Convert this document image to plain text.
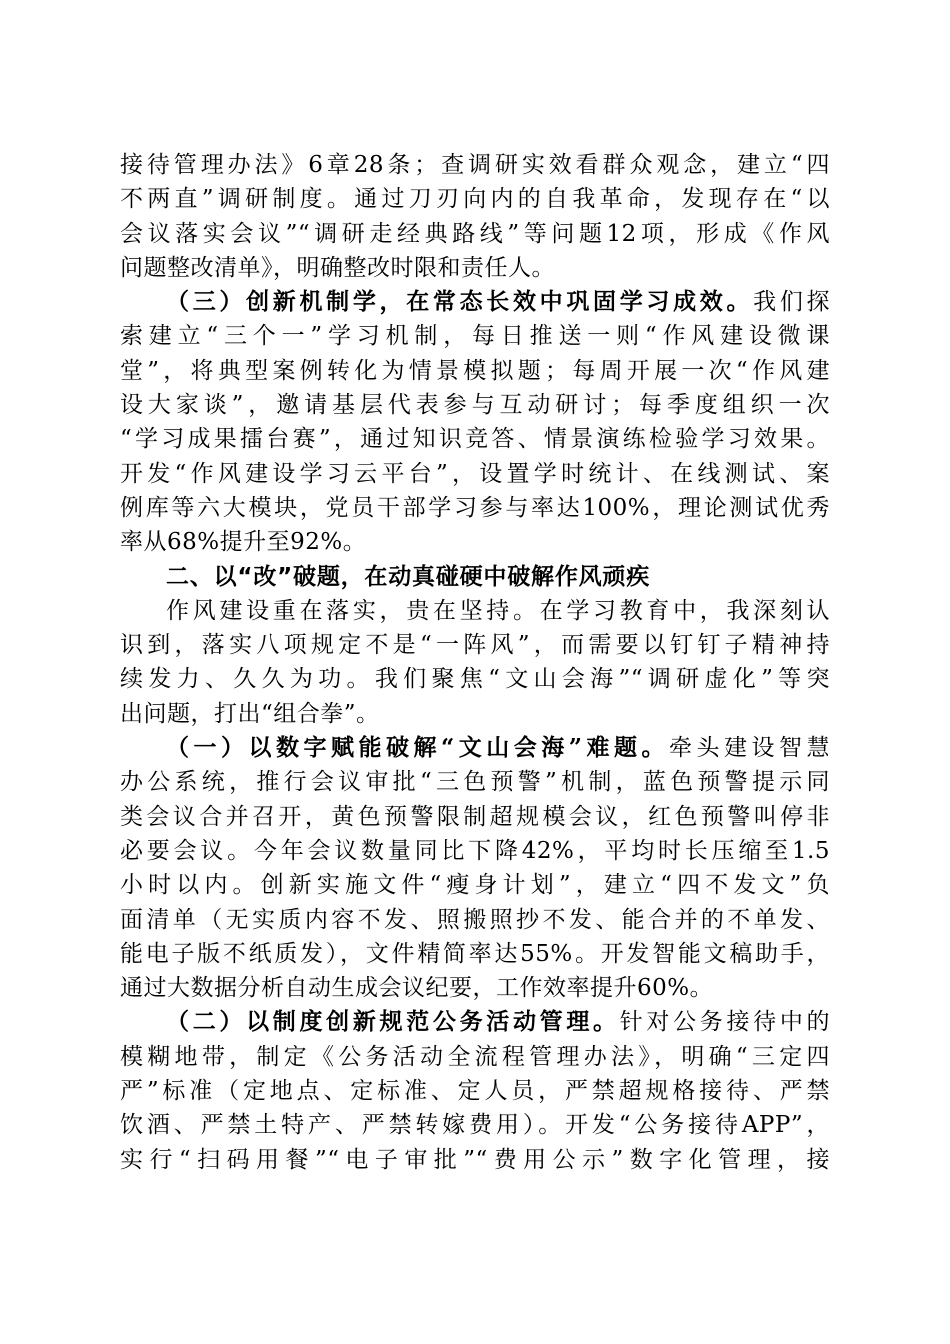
接待管理办法》6章28条；查调研实效看群众观念，建立“四
不两直”调研制度。通过刀刃向内的自我革命，发现存在“以
会议落实会议”“调研走经典路线”等问题12项，形成《作风
问题整改清单》，明确整改时限和责任人。
（三）创新机制学，在常态长效中巩固学习成效。我们探
索建立“三个一”学习机制，每日推送一则“作风建设微课
堂”，将典型案例转化为情景模拟题；每周开展一次“作风建
设大家谈”，邀请基层代表参与互动研讨；每季度组织一次
“学习成果擂台赛”，通过知识竞答、情景演练检验学习效果。
开发“作风建设学习云平台”，设置学时统计、在线测试、案
例库等六大模块，党员干部学习参与率达100%，理论测试优秀
率从68%提升至92%。
二、以“改”破题，在动真碰硬中破解作风顽疾
作风建设重在落实，贵在坚持。在学习教育中，我深刻认
识到，落实八项规定不是“一阵风”，而需要以钉钉子精神持
续发力、久久为功。我们聚焦“文山会海”“调研虚化”等突
出问题，打出“组合拳”。
（一）以数字赋能破解“文山会海”难题。牵头建设智慧
办公系统，推行会议审批“三色预警”机制，蓝色预警提示同
类会议合并召开，黄色预警限制超规模会议，红色预警叫停非
必要会议。今年会议数量同比下降42%，平均时长压缩至1.5
小时以内。创新实施文件“瘦身计划”，建立“四不发文”负
面清单（无实质内容不发、照搬照抄不发、能合并的不单发、
能电子版不纸质发），文件精简率达55%。开发智能文稿助手，
通过大数据分析自动生成会议纪要，工作效率提升60%。
（二）以制度创新规范公务活动管理。针对公务接待中的
模糊地带，制定《公务活动全流程管理办法》，明确“三定四
严”标准（定地点、定标准、定人员，严禁超规格接待、严禁
饮酒、严禁土特产、严禁转嫁费用）。开发“公务接待APP”，
实行“扫码用餐”“电子审批”“费用公示”数字化管理，接
